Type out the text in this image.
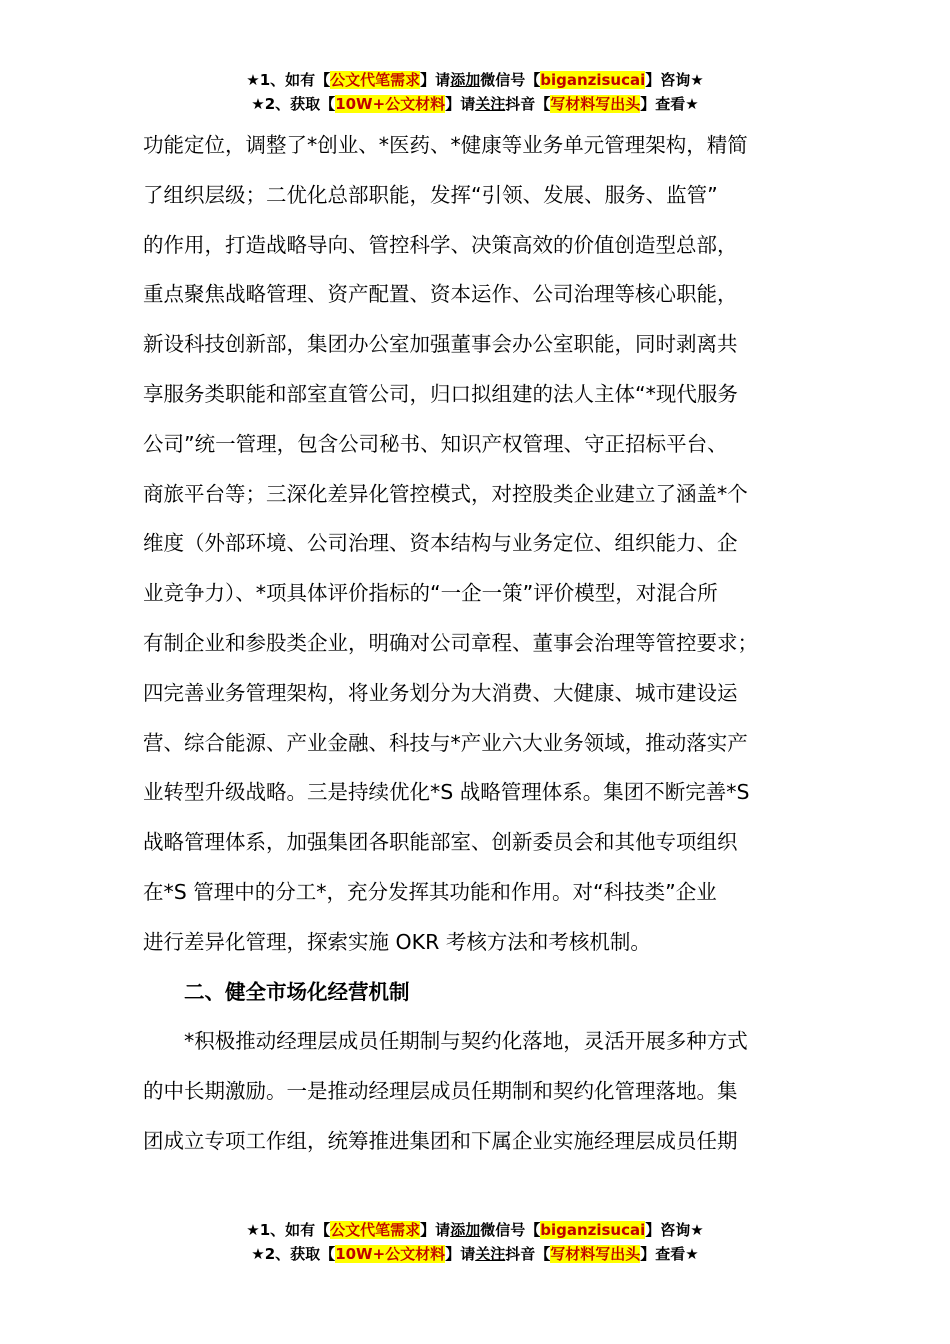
★1、如有【公文代笔需求】请添加微信号【biganzisucai】咨询★
★2、获取【10W+公文材料】请关注抖音【写材料写出头】查看★
功能定位，调整了*创业、*医药、*健康等业务单元管理架构，精简
了组织层级；二优化总部职能，发挥“引领、发展、服务、监管”
的作用，打造战略导向、管控科学、决策高效的价值创造型总部，
重点聚焦战略管理、资产配置、资本运作、公司治理等核心职能，
新设科技创新部，集团办公室加强董事会办公室职能，同时剥离共
享服务类职能和部室直管公司，归口拟组建的法人主体“*现代服务
公司”统一管理，包含公司秘书、知识产权管理、守正招标平台、
商旅平台等；三深化差异化管控模式，对控股类企业建立了涵盖*个
维度（外部环境、公司治理、资本结构与业务定位、组织能力、企
业竞争力）、*项具体评价指标的“一企一策”评价模型，对混合所
有制企业和参股类企业，明确对公司章程、董事会治理等管控要求；
四完善业务管理架构，将业务划分为大消费、大健康、城市建设运
营、综合能源、产业金融、科技与*产业六大业务领域，推动落实产
业转型升级战略。三是持续优化*S 战略管理体系。集团不断完善*S
战略管理体系，加强集团各职能部室、创新委员会和其他专项组织
在*S 管理中的分工*，充分发挥其功能和作用。对“科技类”企业
进行差异化管理，探索实施 OKR 考核方法和考核机制。
二、健全市场化经营机制
*积极推动经理层成员任期制与契约化落地，灵活开展多种方式
的中长期激励。一是推动经理层成员任期制和契约化管理落地。集
团成立专项工作组，统筹推进集团和下属企业实施经理层成员任期
★1、如有【公文代笔需求】请添加微信号【biganzisucai】咨询★
★2、获取【10W+公文材料】请关注抖音【写材料写出头】查看★
